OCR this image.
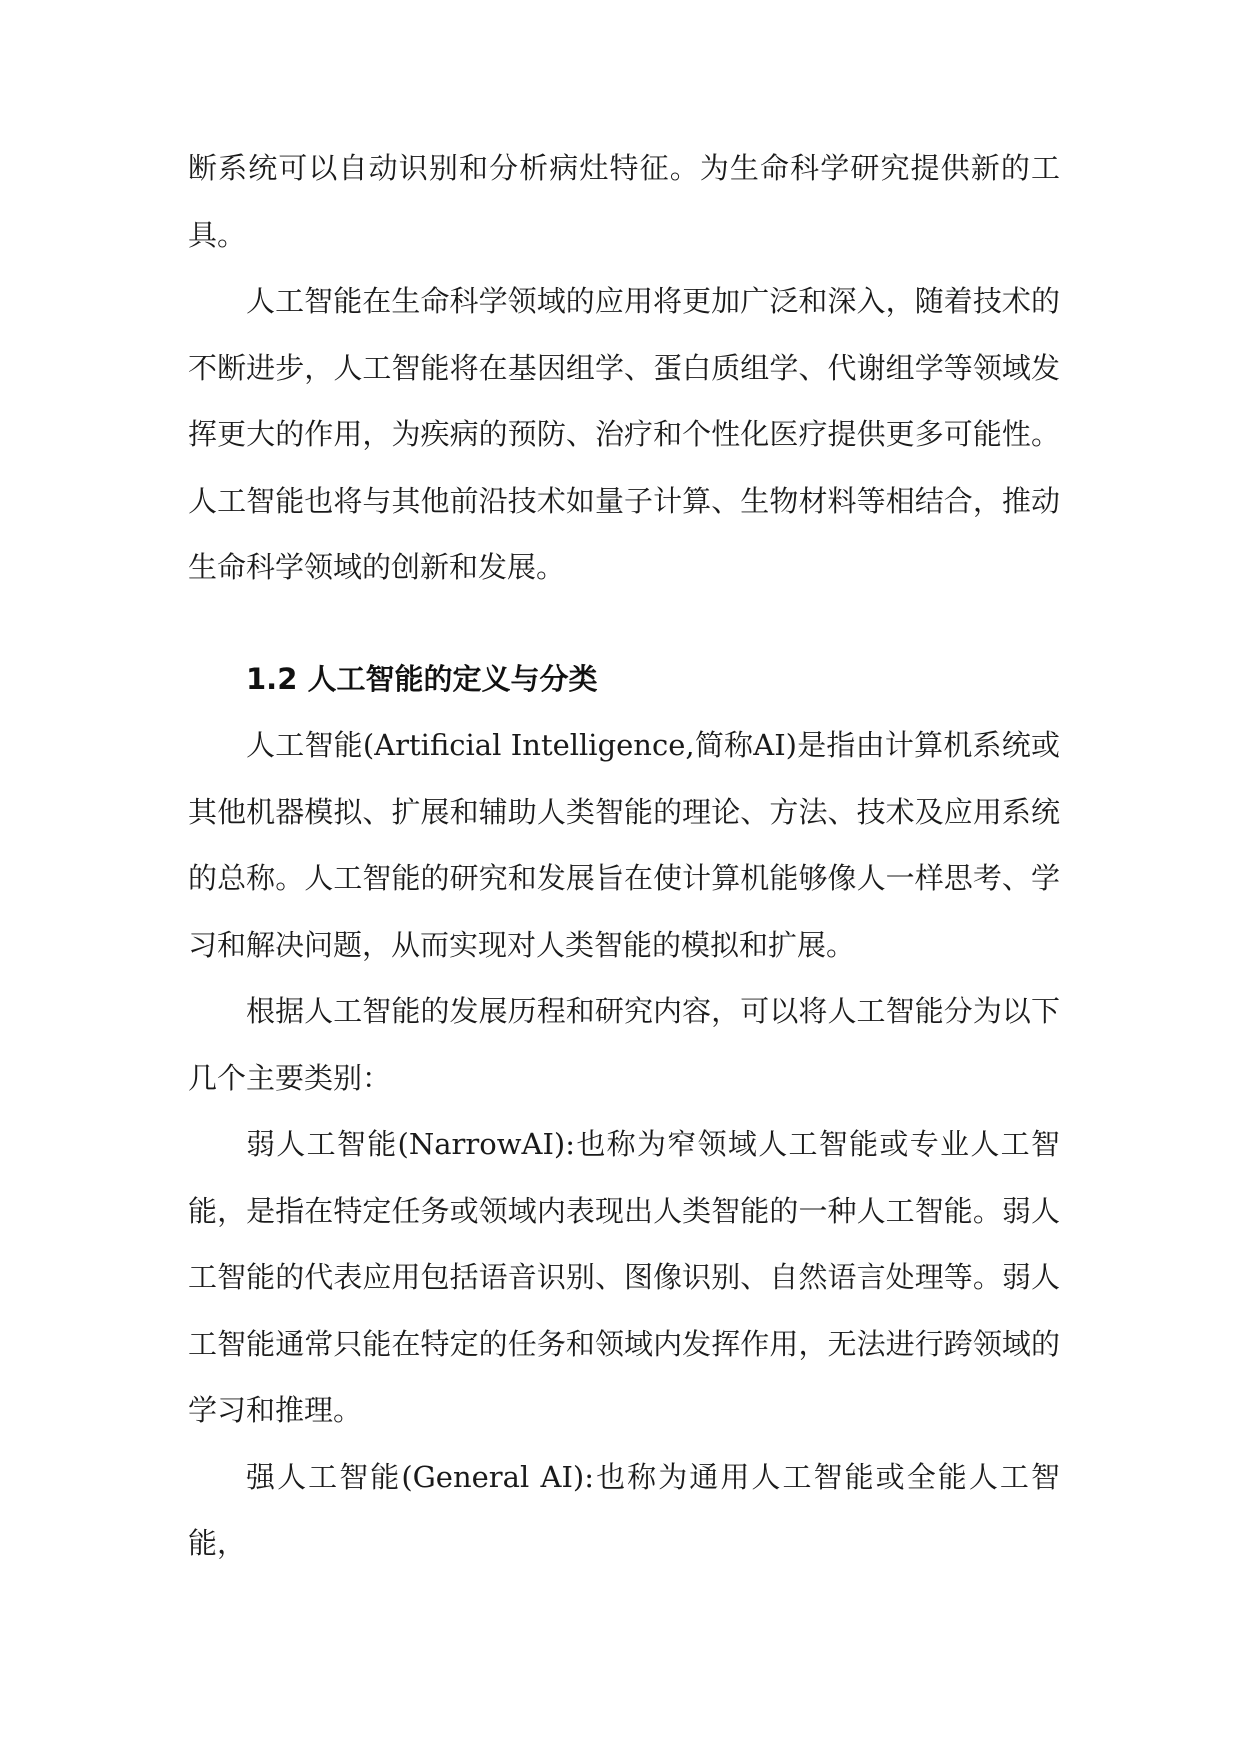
断系统可以自动识别和分析病灶特征。为生命科学研究提供新的工具。

人工智能在生命科学领域的应用将更加广泛和深入，随着技术的不断进步，人工智能将在基因组学、蛋白质组学、代谢组学等领域发挥更大的作用，为疾病的预防、治疗和个性化医疗提供更多可能性。人工智能也将与其他前沿技术如量子计算、生物材料等相结合，推动生命科学领域的创新和发展。

1.2 人工智能的定义与分类

人工智能(Artificial Intelligence,简称AI)是指由计算机系统或其他机器模拟、扩展和辅助人类智能的理论、方法、技术及应用系统的总称。人工智能的研究和发展旨在使计算机能够像人一样思考、学习和解决问题，从而实现对人类智能的模拟和扩展。

根据人工智能的发展历程和研究内容，可以将人工智能分为以下几个主要类别：

弱人工智能(NarrowAI):也称为窄领域人工智能或专业人工智能，是指在特定任务或领域内表现出人类智能的一种人工智能。弱人工智能的代表应用包括语音识别、图像识别、自然语言处理等。弱人工智能通常只能在特定的任务和领域内发挥作用，无法进行跨领域的学习和推理。

强人工智能(General AI):也称为通用人工智能或全能人工智能，
